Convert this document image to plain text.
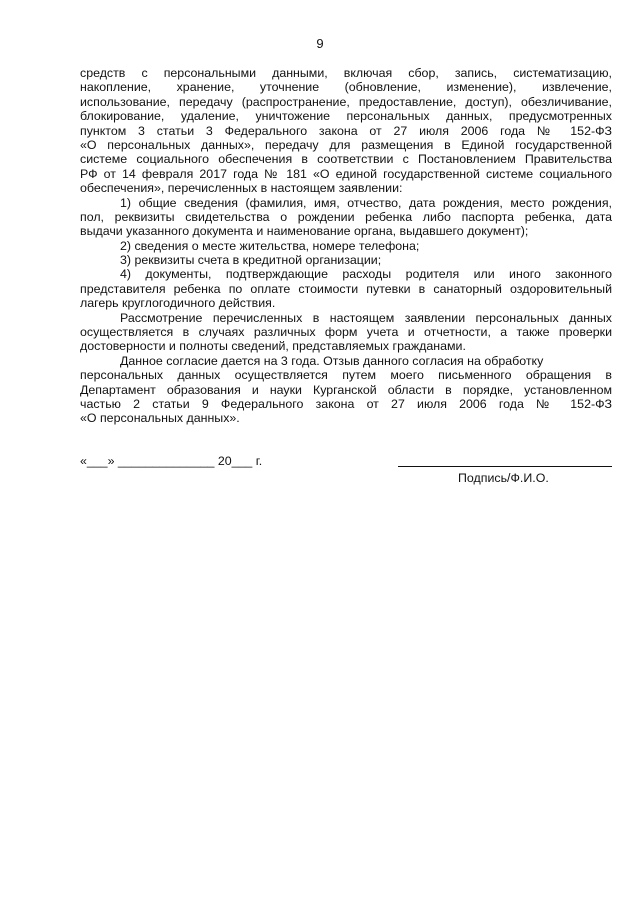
9
средств с персональными данными, включая сбор, запись, систематизацию,
накопление, хранение, уточнение (обновление, изменение), извлечение,
использование, передачу (распространение, предоставление, доступ), обезличивание,
блокирование, удаление, уничтожение персональных данных, предусмотренных
пунктом 3 статьи 3 Федерального закона от 27 июля 2006 года № 152-ФЗ
«О персональных данных», передачу для размещения в Единой государственной
системе социального обеспечения в соответствии с Постановлением Правительства
РФ от 14 февраля 2017 года № 181 «О единой государственной системе социального
обеспечения», перечисленных в настоящем заявлении:
1) общие сведения (фамилия, имя, отчество, дата рождения, место рождения,
пол, реквизиты свидетельства о рождении ребенка либо паспорта ребенка, дата
выдачи указанного документа и наименование органа, выдавшего документ);
2) сведения о месте жительства, номере телефона;
3) реквизиты счета в кредитной организации;
4) документы, подтверждающие расходы родителя или иного законного
представителя ребенка по оплате стоимости путевки в санаторный оздоровительный
лагерь круглогодичного действия.
Рассмотрение перечисленных в настоящем заявлении персональных данных
осуществляется в случаях различных форм учета и отчетности, а также проверки
достоверности и полноты сведений, представляемых гражданами.
Данное согласие дается на 3 года. Отзыв данного согласия на обработку
персональных данных осуществляется путем моего письменного обращения в
Департамент образования и науки Курганской области в порядке, установленном
частью 2 статьи 9 Федерального закона от 27 июля 2006 года № 152-ФЗ
«О персональных данных».
«___» ______________ 20___ г.
Подпись/Ф.И.О.
